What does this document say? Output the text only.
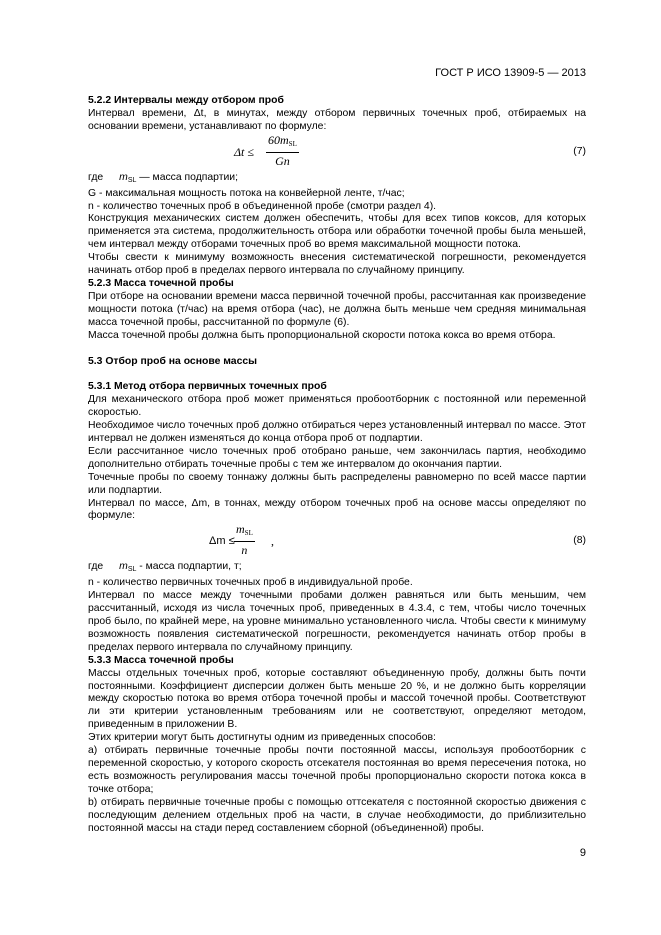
ГОСТ Р ИСО 13909-5 — 2013

5.2.2 Интервалы между отбором проб

Интервал времени, Δt, в минутах, между отбором первичных точечных проб, отбираемых на основании времени, устанавливают по формуле:

Δt ≤
$60m_{SL}$
Gn
(7)

где $m_{SL}$ — масса подпартии;

G - максимальная мощность потока на конвейерной ленте, т/час;

n - количество точечных проб в объединенной пробе (смотри раздел 4).

Конструкция механических систем должен обеспечить, чтобы для всех типов коксов, для которых применяется эта система, продолжительность отбора или обработки точечной пробы была меньшей, чем интервал между отборами точечных проб во время максимальной мощности потока.

Чтобы свести к минимуму возможность внесения систематической погрешности, рекомендуется начинать отбор проб в пределах первого интервала по случайному принципу.

5.2.3 Масса точечной пробы

При отборе на основании времени масса первичной точечной пробы, рассчитанная как произведение мощности потока (т/час) на время отбора (час), не должна быть меньше чем средняя минимальная масса точечной пробы, рассчитанной по формуле (6).

Масса точечной пробы должна быть пропорциональной скорости потока кокса во время отбора.

5.3 Отбор проб на основе массы

5.3.1 Метод отбора первичных точечных проб

Для механического отбора проб может применяться пробоотборник с постоянной или переменной скоростью.

Необходимое число точечных проб должно отбираться через установленный интервал по массе. Этот интервал не должен изменяться до конца отбора проб от подпартии.

Если рассчитанное число точечных проб отобрано раньше, чем закончилась партия, необходимо дополнительно отбирать точечные пробы с тем же интервалом до окончания партии.

Точечные пробы по своему тоннажу должны быть распределены равномерно по всей массе партии или подпартии.

Интервал по массе, Δm, в тоннах, между отбором точечных проб на основе массы определяют по формуле:

Δm ≤
$m_{SL}$
n
,	(8)

где $m_{SL}$ - масса подпартии, т;

n - количество первичных точечных проб в индивидуальной пробе.

Интервал по массе между точечными пробами должен равняться или быть меньшим, чем рассчитанный, исходя из числа точечных проб, приведенных в 4.3.4, с тем, чтобы число точечных проб было, по крайней мере, на уровне минимально установленного числа. Чтобы свести к минимуму возможность появления систематической погрешности, рекомендуется начинать отбор пробы в пределах первого интервала по случайному принципу.

5.3.3 Масса точечной пробы

Массы отдельных точечных проб, которые составляют объединенную пробу, должны быть почти постоянными. Коэффициент дисперсии должен быть меньше 20 %, и не должно быть корреляции между скоростью потока во время отбора точечной пробы и массой точечной пробы. Соответствуют ли эти критерии установленным требованиям или не соответствуют, определяют методом, приведенным в приложении В.

Этих критерии могут быть достигнуты одним из приведенных способов:

а) отбирать первичные точечные пробы почти постоянной массы, используя пробоотборник с переменной скоростью, у которого скорость отсекателя постоянная во время пересечения потока, но есть возможность регулирования массы точечной пробы пропорционально скорости потока кокса в точке отбора;

b) отбирать первичные точечные пробы с помощью оттсекателя с постоянной скоростью движения с последующим делением отдельных проб на части, в случае необходимости, до приблизительно постоянной массы на стади перед составлением сборной (объединенной) пробы.

9
